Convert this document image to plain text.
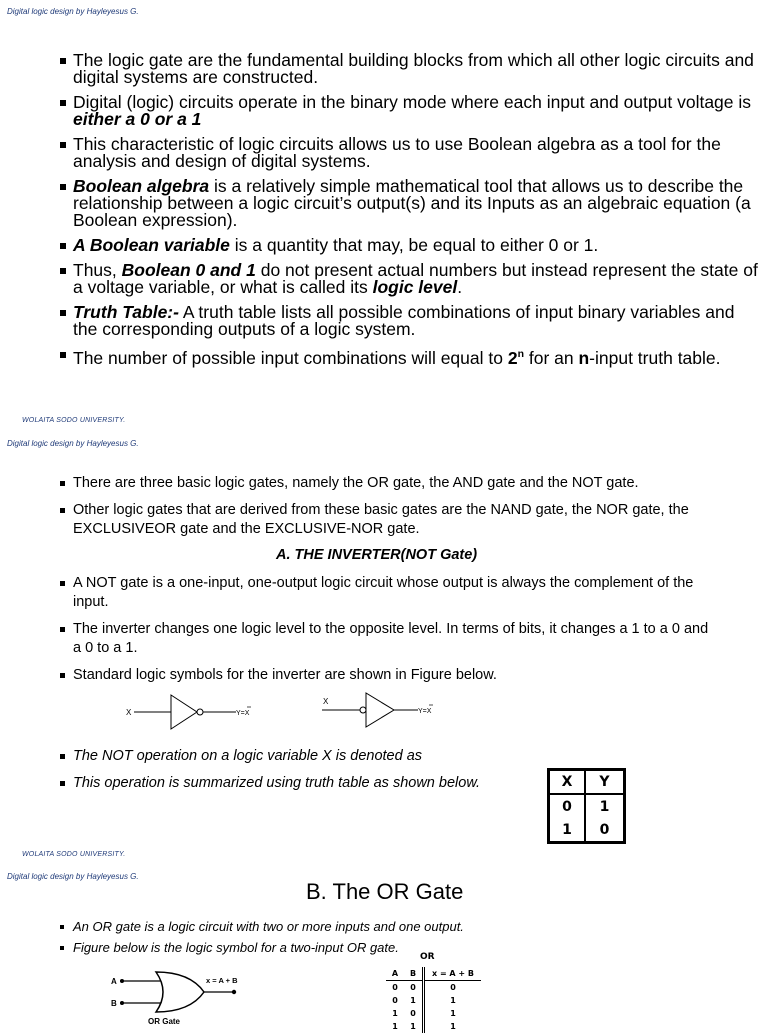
Digital logic design by Hayleyesus G.
The logic gate are the fundamental building blocks from which all other logic circuits and digital systems are constructed.
Digital (logic) circuits operate in the binary mode where each input and output voltage is either a 0 or a 1
This characteristic of logic circuits allows us to use Boolean algebra as a tool for the analysis and design of digital systems.
Boolean algebra is a relatively simple mathematical tool that allows us to describe the relationship between a logic circuit’s output(s) and its Inputs as an algebraic equation (a Boolean expression).
A Boolean variable is a quantity that may, be equal to either 0 or 1.
Thus, Boolean 0 and 1 do not present actual numbers but instead represent the state of a voltage variable, or what is called its logic level.
Truth Table:- A truth table lists all possible combinations of input binary variables and the corresponding outputs of a logic system.
The number of possible input combinations will equal to 2$^n$ for an n-input truth table.
WOLAITA SODO UNIVERSITY.
Digital logic design by Hayleyesus G.
There are three basic logic gates, namely the OR gate, the AND gate and the NOT gate.
Other logic gates that are derived from these basic gates are the NAND gate, the NOR gate, the EXCLUSIVEOR gate and the EXCLUSIVE-NOR gate.
A. THE INVERTER(NOT Gate)
A NOT gate is a one-input, one-output logic circuit whose output is always the complement of the input.
The inverter changes one logic level to the opposite level. In terms of bits, it changes a 1 to a 0 and a 0 to a 1.
Standard logic symbols for the inverter are shown in Figure below.
X	Y=X
X
Y=X
The NOT operation on a logic variable X is denoted as
This operation is summarized using truth table as shown below.	X	Y
0	1
1	0
WOLAITA SODO UNIVERSITY.
Digital logic design by Hayleyesus G.
B. The OR Gate
An OR gate is a logic circuit with two or more inputs and one output.
Figure below is the logic symbol for a two-input OR gate.
A
B
x = A + B
OR Gate
OR
A	B	x = A + B
0	0	0
0	1	1
1	0	1
1	1	1
